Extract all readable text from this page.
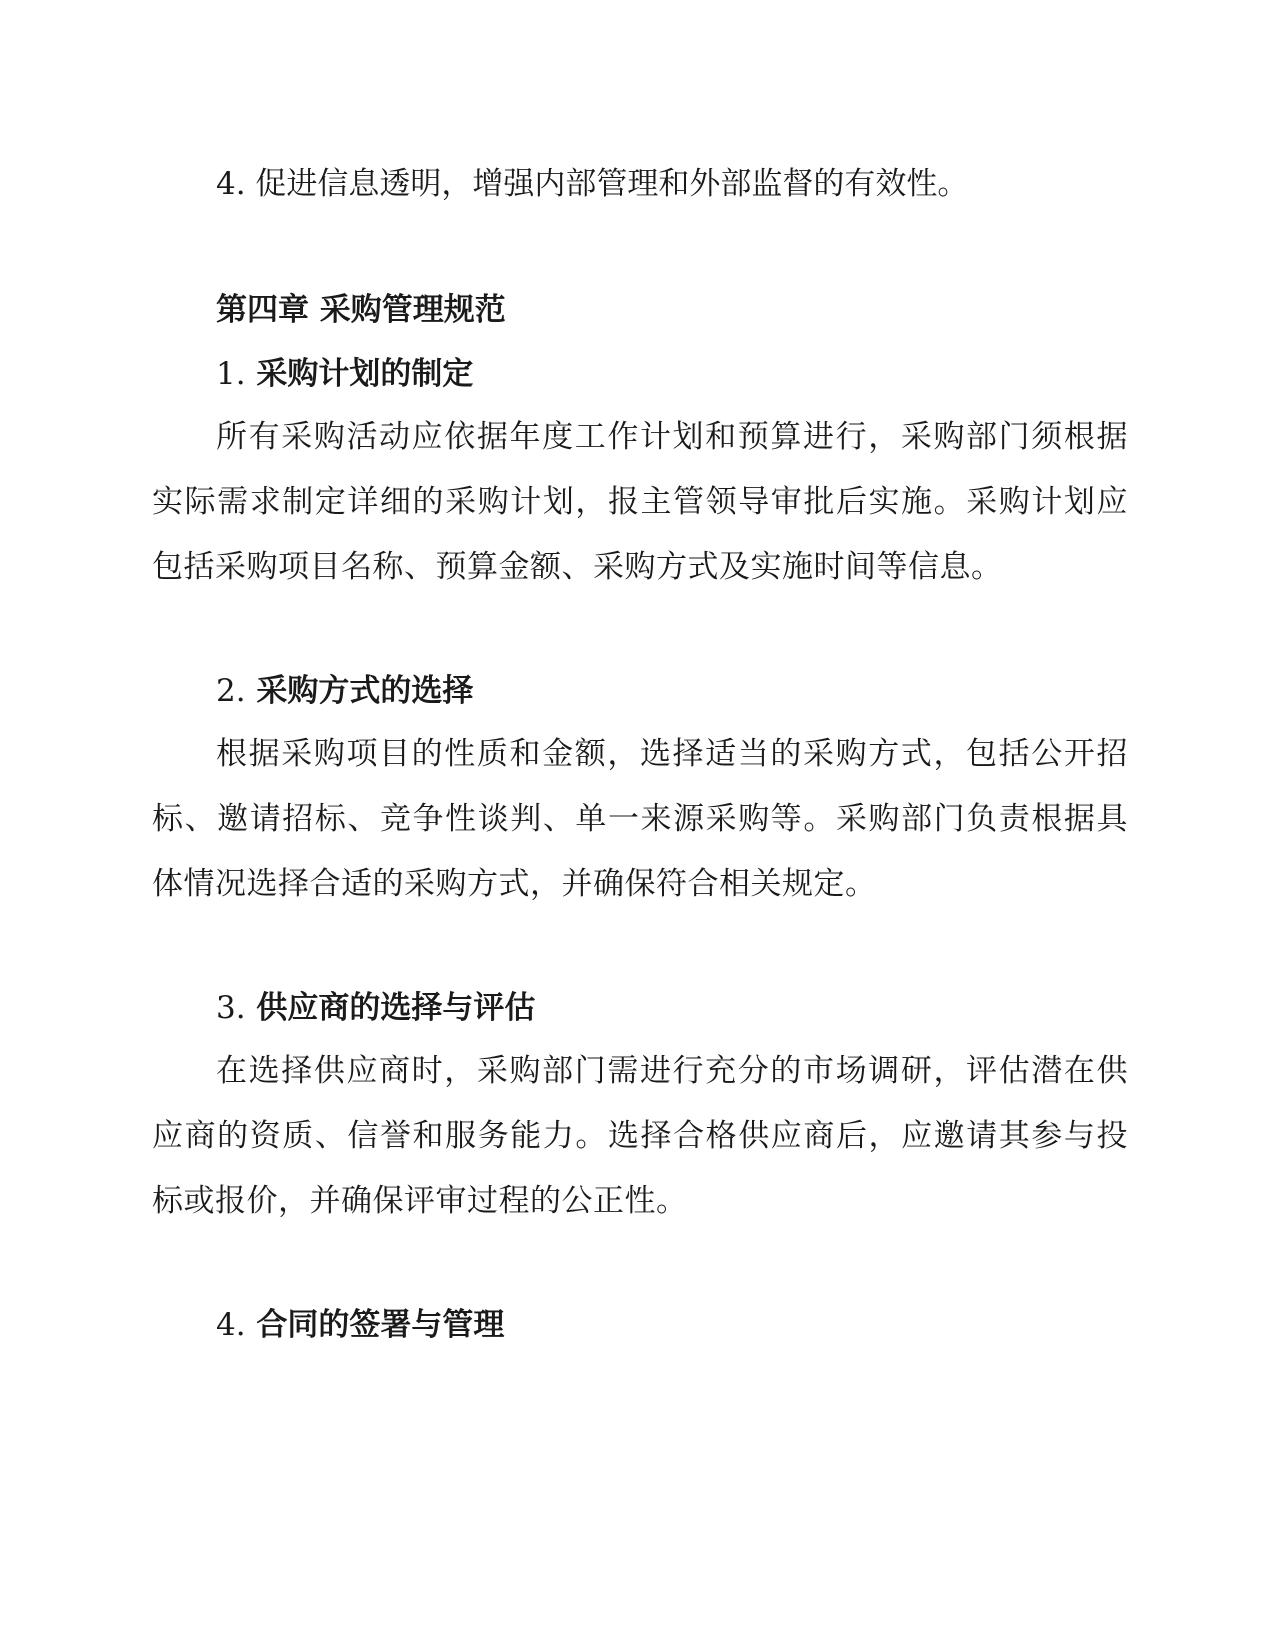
4. 促进信息透明，增强内部管理和外部监督的有效性。

第四章 采购管理规范

1. 采购计划的制定

所有采购活动应依据年度工作计划和预算进行，采购部门须根据实际需求制定详细的采购计划，报主管领导审批后实施。采购计划应包括采购项目名称、预算金额、采购方式及实施时间等信息。

2. 采购方式的选择

根据采购项目的性质和金额，选择适当的采购方式，包括公开招标、邀请招标、竞争性谈判、单一来源采购等。采购部门负责根据具体情况选择合适的采购方式，并确保符合相关规定。

3. 供应商的选择与评估

在选择供应商时，采购部门需进行充分的市场调研，评估潜在供应商的资质、信誉和服务能力。选择合格供应商后，应邀请其参与投标或报价，并确保评审过程的公正性。

4. 合同的签署与管理
